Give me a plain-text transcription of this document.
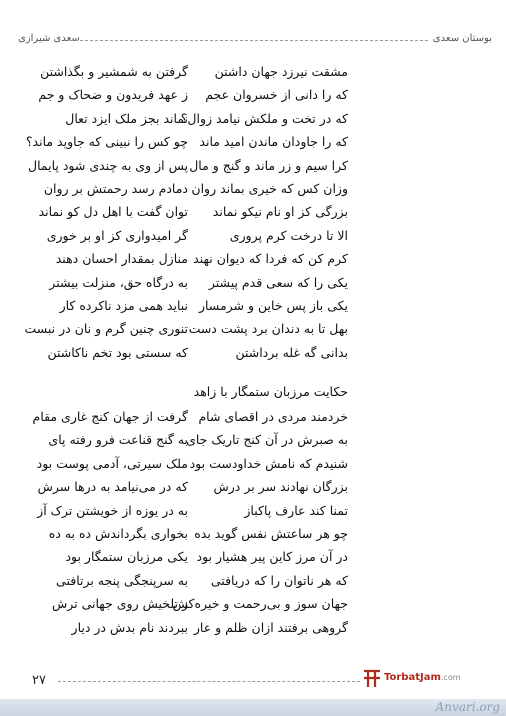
سعدی شیرازی	بوستان سعدی
مشقت نیرزد جهان داشتن
گرفتن به شمشیر و بگذاشتن
که را دانی از خسروان عجم
ز عهد فریدون و ضحاک و جم
که در تخت و ملکش نیامد زوال؟
نماند بجز ملک ایزد تعال
که را جاودان ماندن امید ماند
چو کس را نبینی که جاوید ماند؟
کرا سیم و زر ماند و گنج و مال
پس از وی به چندی شود پایمال
وزان کس که خیری بماند روان
دمادم رسد رحمتش بر روان
بزرگی کز او نام نیکو نماند
توان گفت با اهل دل کو نماند
الا تا درخت کرم پروری
گر امیدواری کز او بر خوری
کرم کن که فردا که دیوان نهند
منازل بمقدار احسان دهند
یکی را که سعی قدم پیشتر
به درگاه حق، منزلت بیشتر
یکی باز پس خاین و شرمسار
نباید همی مزد ناکرده کار
بهل تا به دندان برد پشت دست
تنوری چنین گرم و نان در نبست
بدانی گه غله برداشتن
که سستی بود تخم ناکاشتن
حکایت مرزبان ستمگار با زاهد
خردمند مردی در اقصای شام
گرفت از جهان کنج غاری مقام
به صبرش در آن کنج تاریک جای
به گنج قناعت فرو رفته پای
شنیدم که نامش خداودست بود
ملک سیرتی، آدمی پوست بود
بزرگان نهادند سر بر درش
که در می‌نیامد به درها سرش
تمنا کند عارف پاکباز
به در یوزه از خویشتن ترک آز
چو هر ساعتش نفس گوید بده
بخواری بگرداندش ده به ده
در آن مرز کاین پیر هشیار بود
یکی مرزبان ستمگار بود
که هر ناتوان را که دریافتی
به سرپنجگی پنجه برتافتی
جهان سوز و بی‌رحمت و خیرەکش
ز تلخیش روی جهانی ترش
گروهی برفتند ازان ظلم و عار
ببردند نام بدش در دیار
۲۷	TorbatJam.com
Anvari.org
